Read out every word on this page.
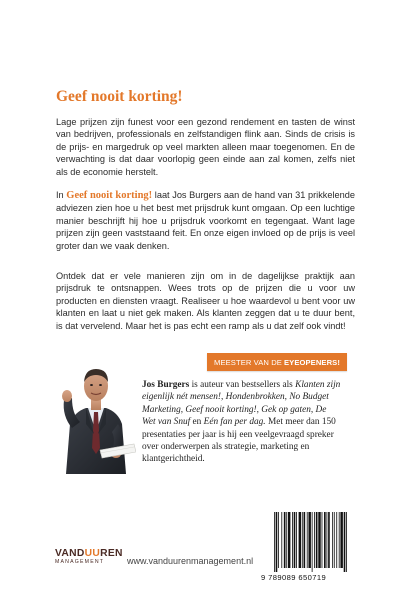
Geef nooit korting!

Lage prijzen zijn funest voor een gezond rendement en tasten de winst van bedrijven, professionals en zelfstandigen flink aan. Sinds de crisis is de prijs- en margedruk op veel markten alleen maar toegenomen. En de verwachting is dat daar voorlopig geen einde aan zal komen, zelfs niet als de economie herstelt.

In Geef nooit korting! laat Jos Burgers aan de hand van 31 prikkelende adviezen zien hoe u het best met prijsdruk kunt omgaan. Op een luchtige manier beschrijft hij hoe u prijsdruk voorkomt en tegengaat. Want lage prijzen zijn geen vaststaand feit. En onze eigen invloed op de prijs is veel groter dan we vaak denken.

Ontdek dat er vele manieren zijn om in de dagelijkse praktijk aan prijsdruk te ontsnappen. Wees trots op de prijzen die u voor uw producten en diensten vraagt. Realiseer u hoe waardevol u bent voor uw klanten en laat u niet gek maken. Als klanten zeggen dat u te duur bent, is dat vervelend. Maar het is pas echt een ramp als u dat zelf ook vindt!

MEESTER VAN DE EYEOPENERS!

Jos Burgers is auteur van bestsellers als Klanten zijn eigenlijk nét mensen!, Hondenbrokken, No Budget Marketing, Geef nooit korting!, Gek op gaten, De Wet van Snuf en Eén fan per dag. Met meer dan 150 presentaties per jaar is hij een veelgevraagd spreker over onderwerpen als strategie, marketing en klantgerichtheid.

VANDUUREN
MANAGEMENT	www.vanduurenmanagement.nl
9 789089 650719
